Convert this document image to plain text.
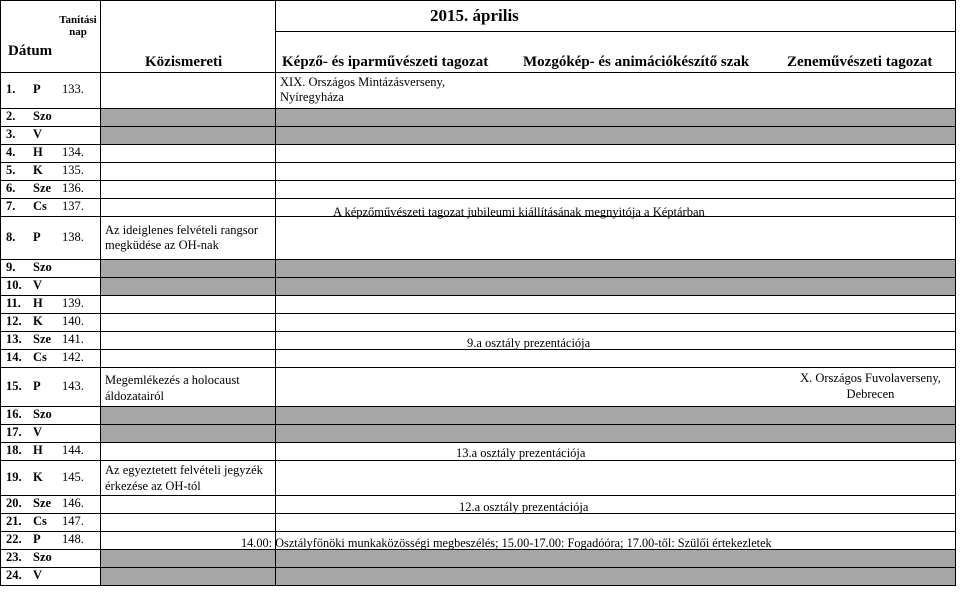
1. P 133.
2. Szo
3. V
4. H 134.
5. K 135.
6. Sze 136.
7. Cs 137.
8. P 138.
9. Szo
10. V
11. H 139.
12. K 140.
13. Sze 141.
14. Cs 142.
15. P 143.
16. Szo
17. V
18. H 144.
19. K 145.
20. Sze 146.
21. Cs 147.
22. P 148.
23. Szo
24. V
2015. április
Dátum
Tanítási nap
Közismereti	Képző- és iparművészeti tagozat Mozgókép- és animációkészítő szak	Zeneművészeti tagozat
XIX. Országos Mintázásverseny,
Nyíregyháza
A képzőművészeti tagozat jubileumi kiállításának megnyitója a Képtárban
Az ideiglenes felvételi rangsor
megküdése az OH-nak
9.a osztály prezentációja
Megemlékezés a holocaust
áldozatairól
X. Országos Fuvolaverseny,
Debrecen
13.a osztály prezentációja
Az egyeztetett felvételi jegyzék
érkezése az OH-tól
12.a osztály prezentációja
14.00: Osztályfőnöki munkaközösségi megbeszélés; 15.00-17.00: Fogadóóra; 17.00-től: Szülői értekezletek
